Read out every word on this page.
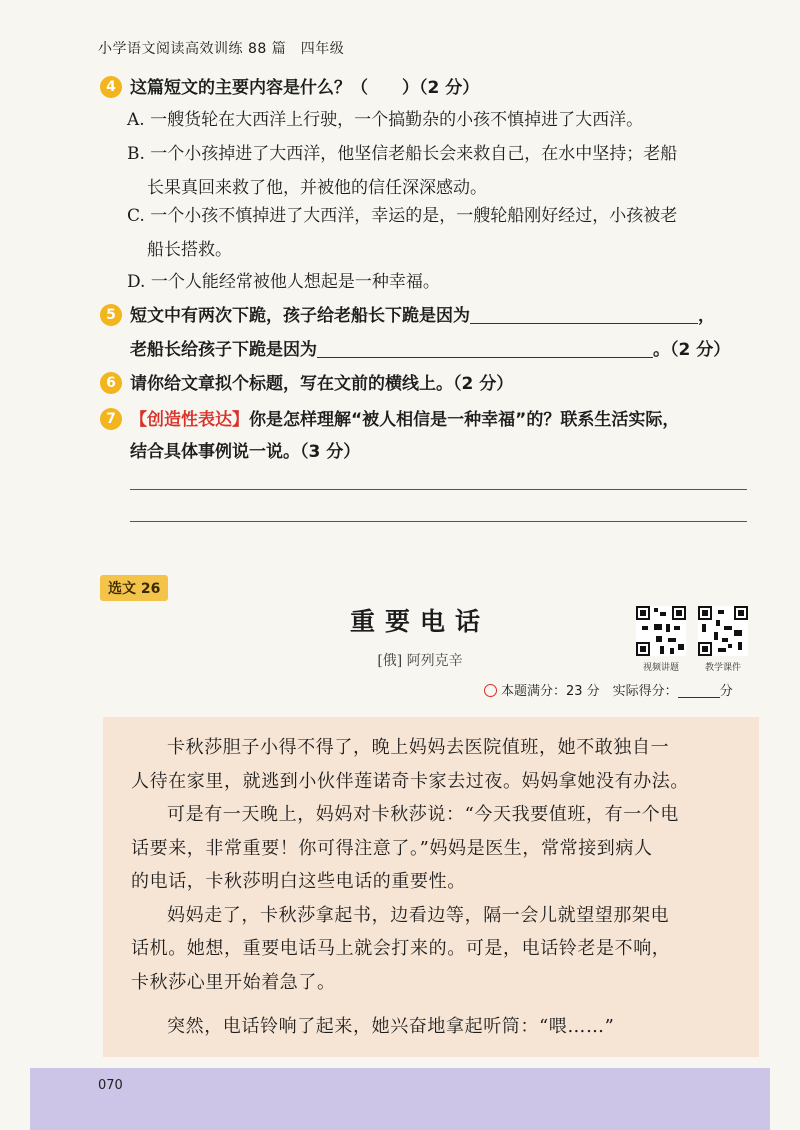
小学语文阅读高效训练 88 篇　四年级
4 这篇短文的主要内容是什么？（　　）（2 分）
A. 一艘货轮在大西洋上行驶，一个搞勤杂的小孩不慎掉进了大西洋。
B. 一个小孩掉进了大西洋，他坚信老船长会来救自己，在水中坚持；老船
长果真回来救了他，并被他的信任深深感动。
C. 一个小孩不慎掉进了大西洋，幸运的是，一艘轮船刚好经过，小孩被老
船长搭救。
D. 一个人能经常被他人想起是一种幸福。
5 短文中有两次下跪，孩子给老船长下跪是因为	，
老船长给孩子下跪是因为	。（2 分）
6 请你给文章拟个标题，写在文前的横线上。（2 分）
7 【创造性表达】你是怎样理解“被人相信是一种幸福”的？联系生活实际，
结合具体事例说一说。（3 分）
选文 26
重要电话
[俄] 阿列克辛	视频讲题	教学课件
本题满分：23 分　实际得分：	分
卡秋莎胆子小得不得了，晚上妈妈去医院值班，她不敢独自一
人待在家里，就逃到小伙伴莲诺奇卡家去过夜。妈妈拿她没有办法。
可是有一天晚上，妈妈对卡秋莎说：“今天我要值班，有一个电
话要来，非常重要！你可得注意了。”妈妈是医生，常常接到病人
的电话，卡秋莎明白这些电话的重要性。
妈妈走了，卡秋莎拿起书，边看边等，隔一会儿就望望那架电
话机。她想，重要电话马上就会打来的。可是，电话铃老是不响，
卡秋莎心里开始着急了。
突然，电话铃响了起来，她兴奋地拿起听筒：“喂……”
070
